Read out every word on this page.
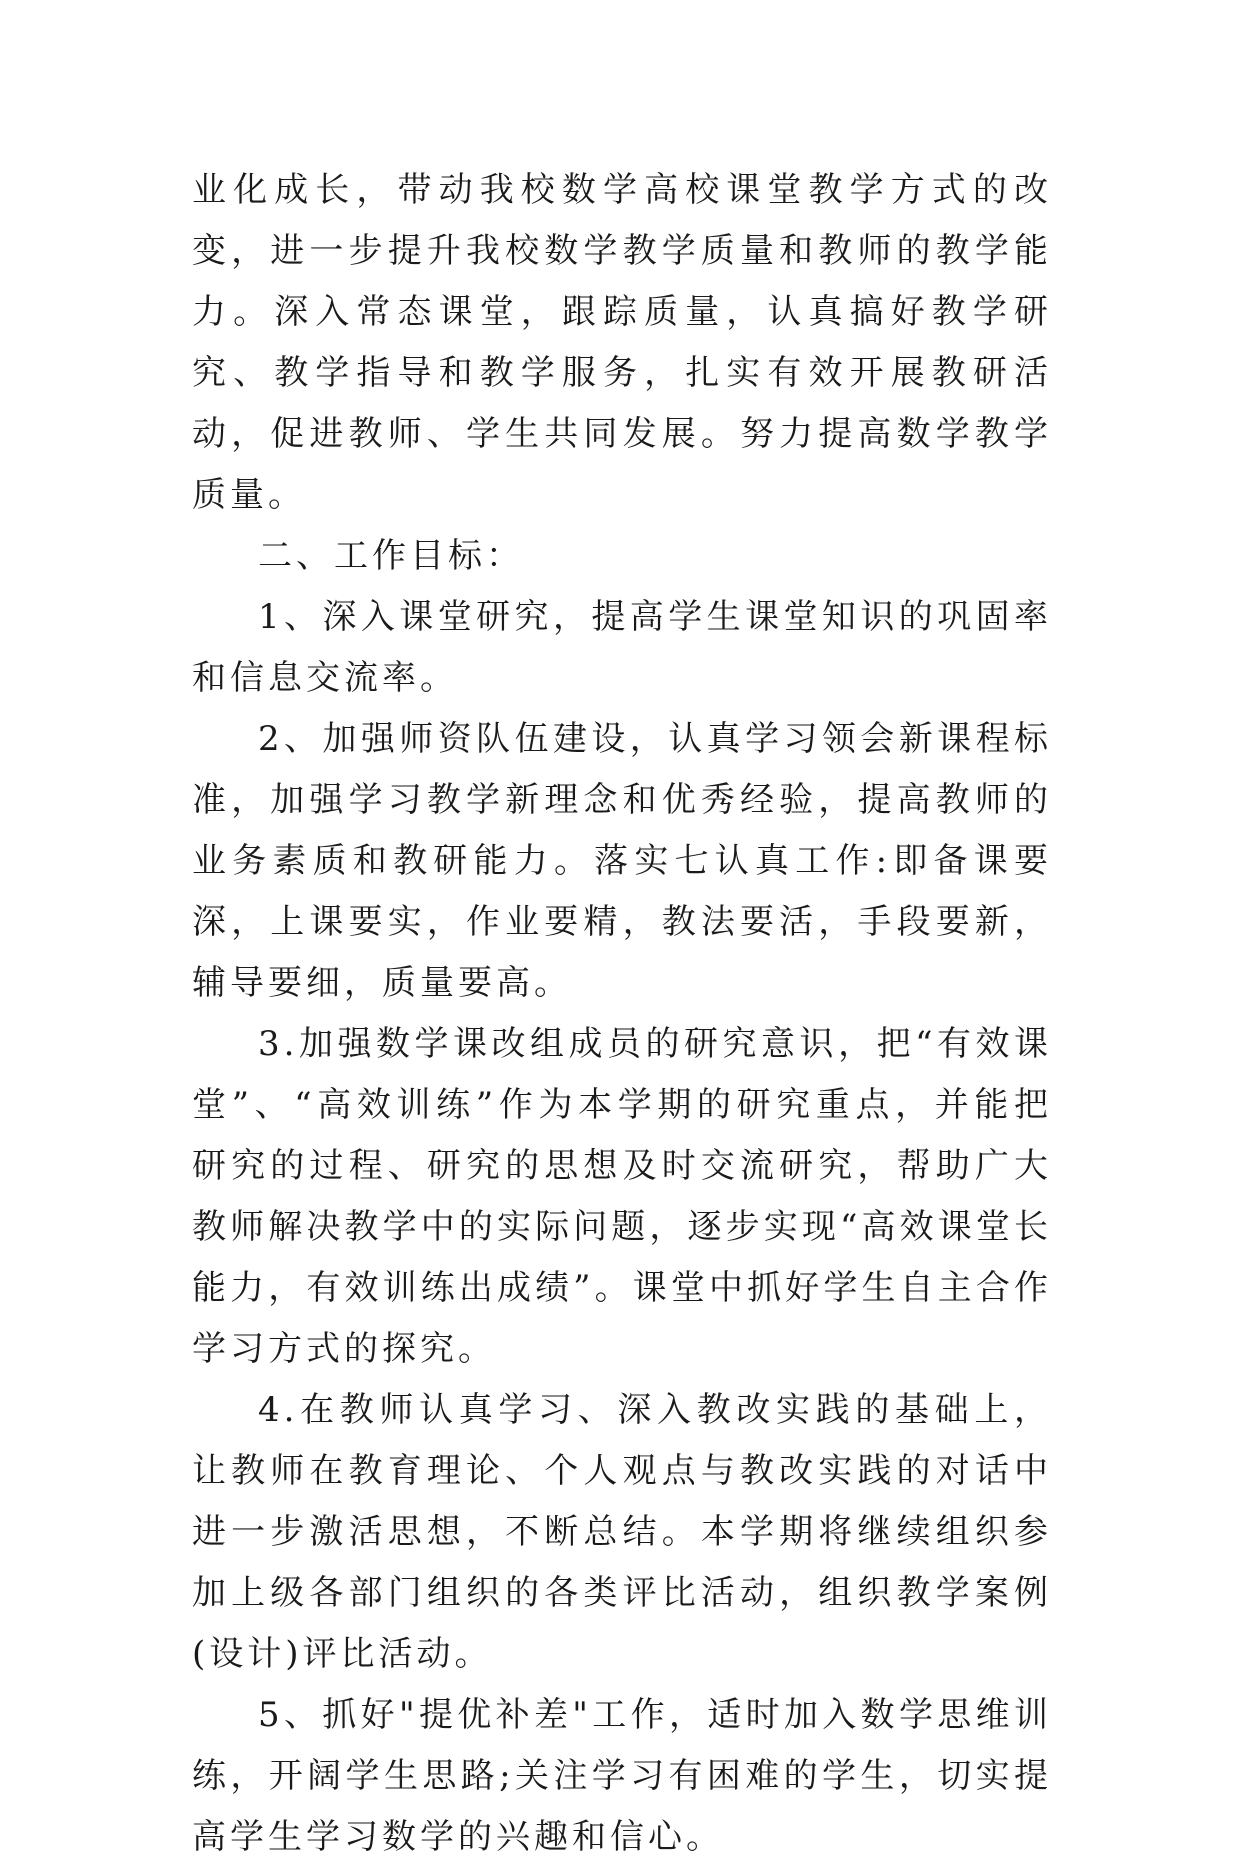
业化成长，带动我校数学高校课堂教学方式的改变，进一步提升我校数学教学质量和教师的教学能力。深入常态课堂，跟踪质量，认真搞好教学研究、教学指导和教学服务，扎实有效开展教研活动，促进教师、学生共同发展。努力提高数学教学质量。

二、工作目标：

1、深入课堂研究，提高学生课堂知识的巩固率和信息交流率。

2、加强师资队伍建设，认真学习领会新课程标准，加强学习教学新理念和优秀经验，提高教师的业务素质和教研能力。落实七认真工作:即备课要深，上课要实，作业要精，教法要活，手段要新，辅导要细，质量要高。

3.加强数学课改组成员的研究意识，把“有效课堂”、“高效训练”作为本学期的研究重点，并能把研究的过程、研究的思想及时交流研究，帮助广大教师解决教学中的实际问题，逐步实现“高效课堂长能力，有效训练出成绩”。课堂中抓好学生自主合作学习方式的探究。

4.在教师认真学习、深入教改实践的基础上，让教师在教育理论、个人观点与教改实践的对话中进一步激活思想，不断总结。本学期将继续组织参加上级各部门组织的各类评比活动，组织教学案例(设计)评比活动。

5、抓好"提优补差"工作，适时加入数学思维训练，开阔学生思路;关注学习有困难的学生，切实提高学生学习数学的兴趣和信心。
